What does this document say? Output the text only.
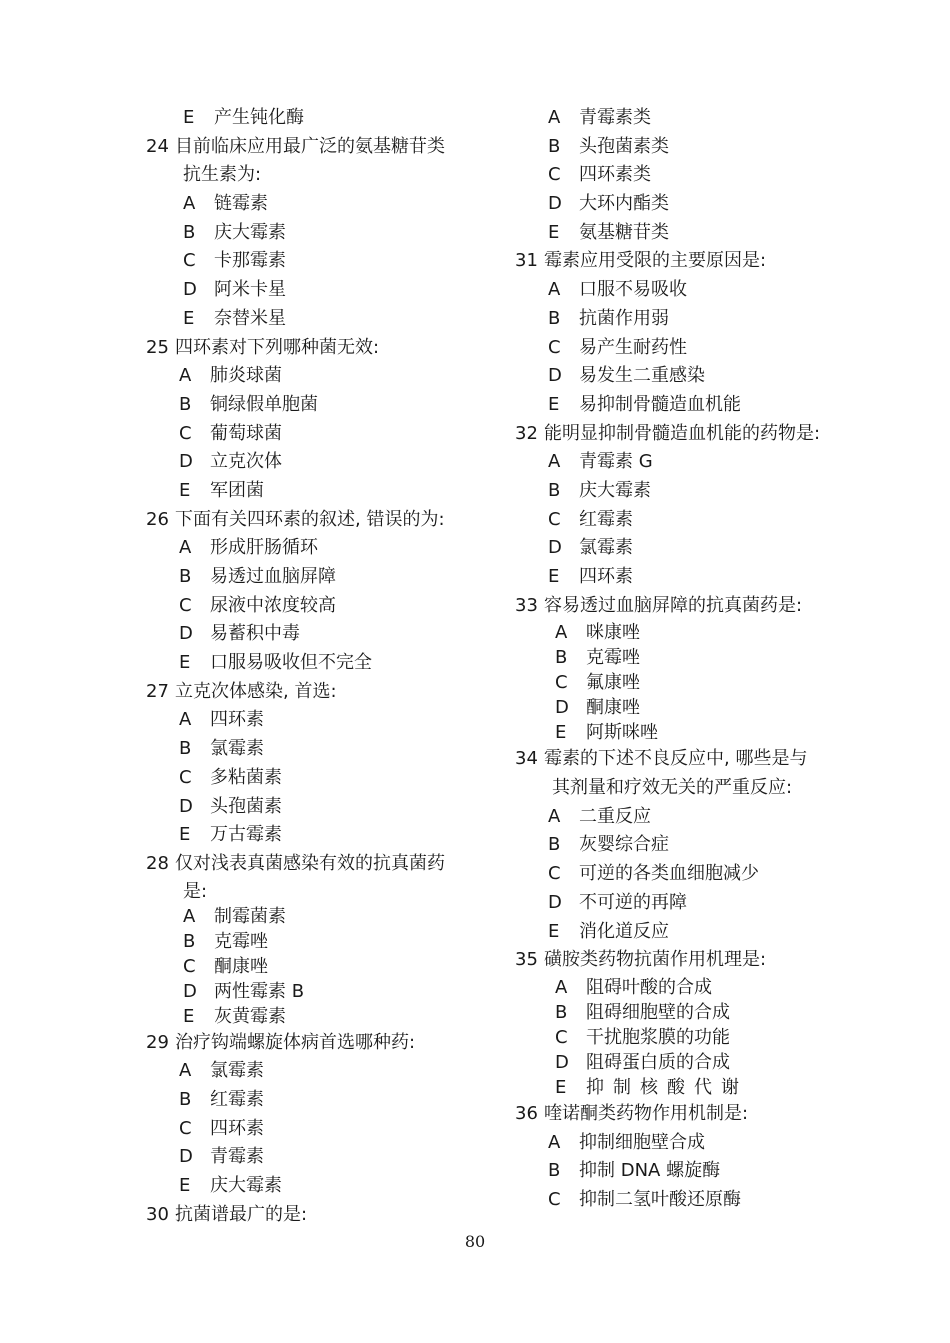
E	产生钝化酶
24 目前临床应用最广泛的氨基糖苷类
抗生素为:
A	链霉素
B	庆大霉素
C	卡那霉素
D 阿米卡星
E	奈替米星
25 四环素对下列哪种菌无效:
A	肺炎球菌
B	铜绿假单胞菌
C	葡萄球菌
D 立克次体
E	军团菌
26 下面有关四环素的叙述, 错误的为:
A	形成肝肠循环
B	易透过血脑屏障
C	尿液中浓度较高
D 易蓄积中毒
E	口服易吸收但不完全
27 立克次体感染, 首选:
A	四环素
B	氯霉素
C	多粘菌素
D 头孢菌素
E	万古霉素
28 仅对浅表真菌感染有效的抗真菌药
是:
A	制霉菌素
B	克霉唑
C	酮康唑
D 两性霉素 B
E	灰黄霉素
29 治疗钩端螺旋体病首选哪种药:
A	氯霉素
B	红霉素
C	四环素
D 青霉素
E	庆大霉素
30 抗菌谱最广的是:
A	青霉素类
B	头孢菌素类
C	四环素类
D 大环内酯类
E	氨基糖苷类
31 霉素应用受限的主要原因是:
A	口服不易吸收
B	抗菌作用弱
C	易产生耐药性
D 易发生二重感染
E	易抑制骨髓造血机能
32 能明显抑制骨髓造血机能的药物是:
A	青霉素 G
B	庆大霉素
C	红霉素
D 氯霉素
E	四环素
33 容易透过血脑屏障的抗真菌药是:
A	咪康唑
B	克霉唑
C	氟康唑
D 酮康唑
E	阿斯咪唑
34 霉素的下述不良反应中, 哪些是与
其剂量和疗效无关的严重反应:
A	二重反应
B	灰婴综合症
C	可逆的各类血细胞减少
D 不可逆的再障
E	消化道反应
35 磺胺类药物抗菌作用机理是:
A	阻碍叶酸的合成
B	阻碍细胞壁的合成
C	干扰胞浆膜的功能
D 阻碍蛋白质的合成
E	抑制核酸代谢
36 喹诺酮类药物作用机制是:
A	抑制细胞壁合成
B	抑制 DNA 螺旋酶
C	抑制二氢叶酸还原酶
80
